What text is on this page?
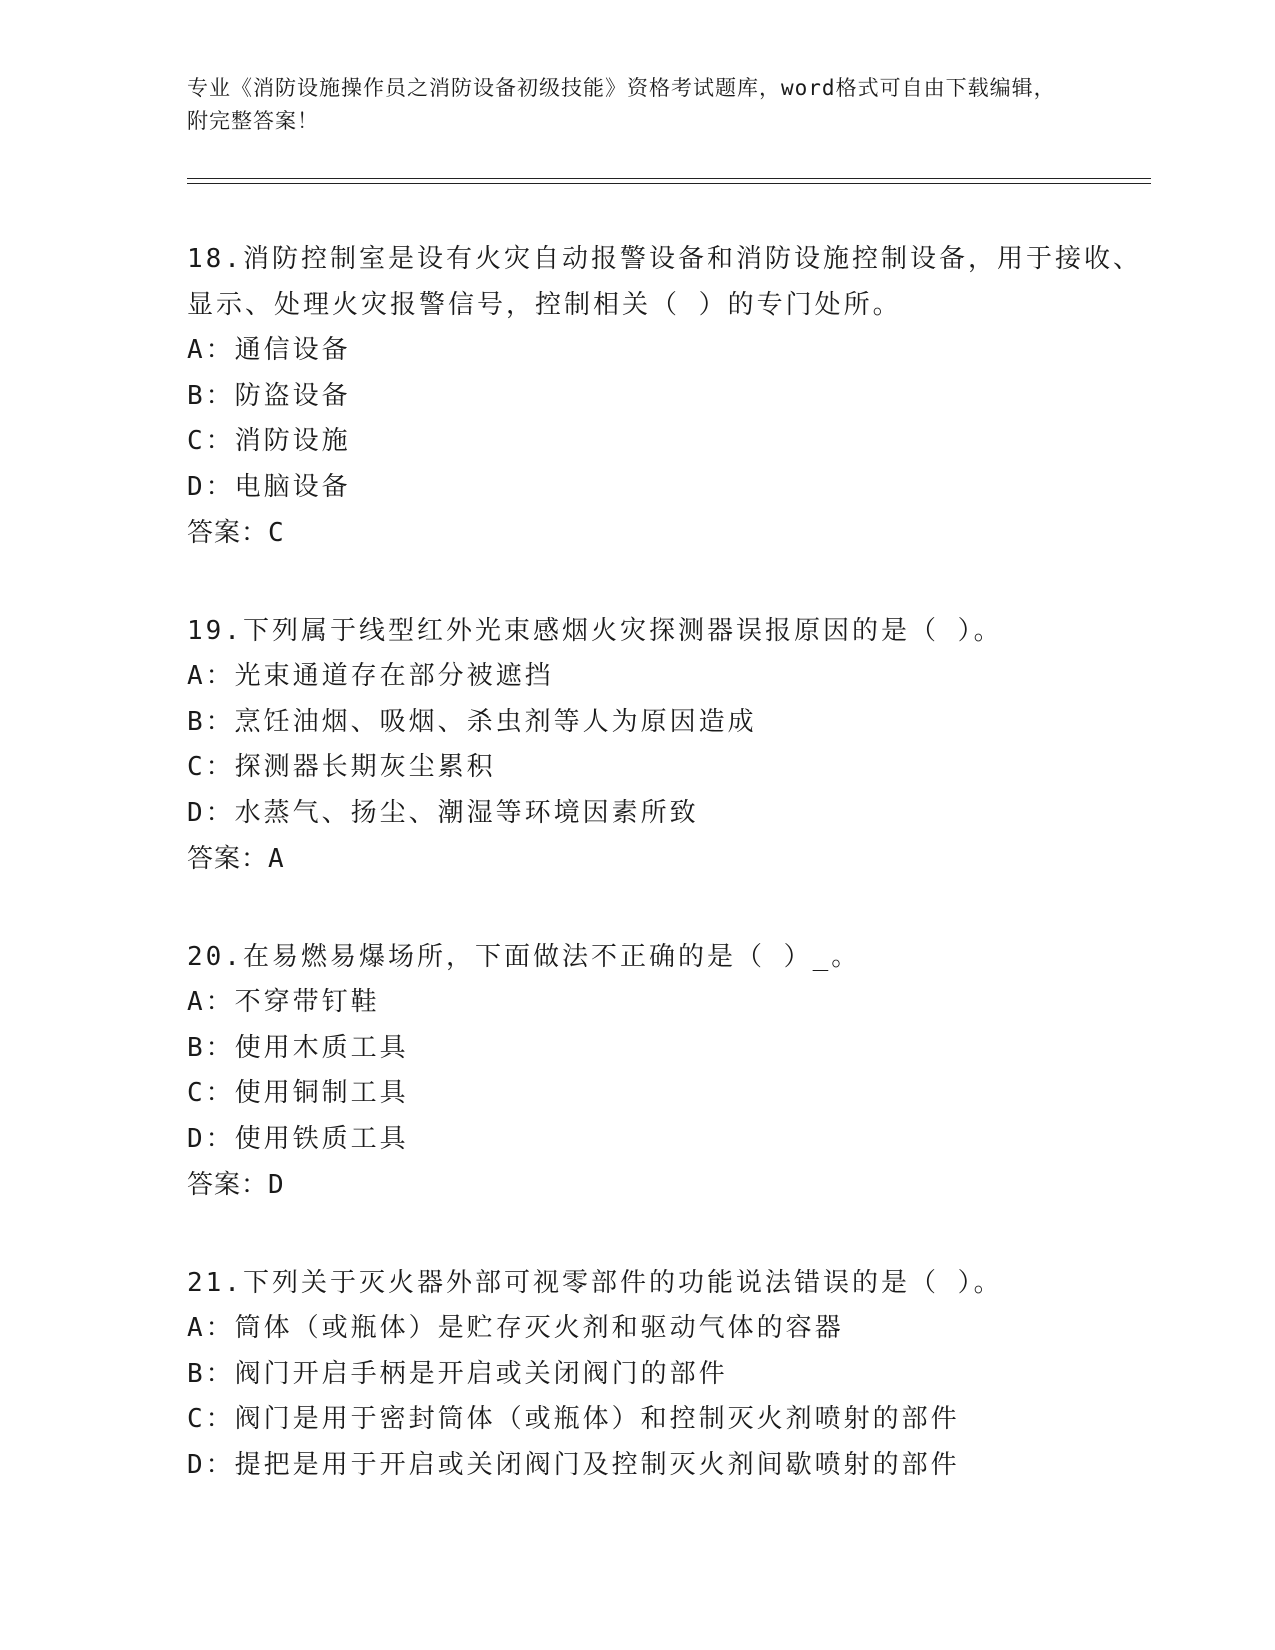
专业《消防设施操作员之消防设备初级技能》资格考试题库，word格式可自由下载编辑，附完整答案！

18.消防控制室是设有火灾自动报警设备和消防设施控制设备，用于接收、显示、处理火灾报警信号，控制相关（ ）的专门处所。

A：通信设备

B：防盗设备

C：消防设施

D：电脑设备

答案：C

19.下列属于线型红外光束感烟火灾探测器误报原因的是（ ）。

A：光束通道存在部分被遮挡

B：烹饪油烟、吸烟、杀虫剂等人为原因造成

C：探测器长期灰尘累积

D：水蒸气、扬尘、潮湿等环境因素所致

答案：A

20.在易燃易爆场所，下面做法不正确的是（ ）_。

A：不穿带钉鞋

B：使用木质工具

C：使用铜制工具

D：使用铁质工具

答案：D

21.下列关于灭火器外部可视零部件的功能说法错误的是（ ）。

A：筒体（或瓶体）是贮存灭火剂和驱动气体的容器

B：阀门开启手柄是开启或关闭阀门的部件

C：阀门是用于密封筒体（或瓶体）和控制灭火剂喷射的部件

D：提把是用于开启或关闭阀门及控制灭火剂间歇喷射的部件
